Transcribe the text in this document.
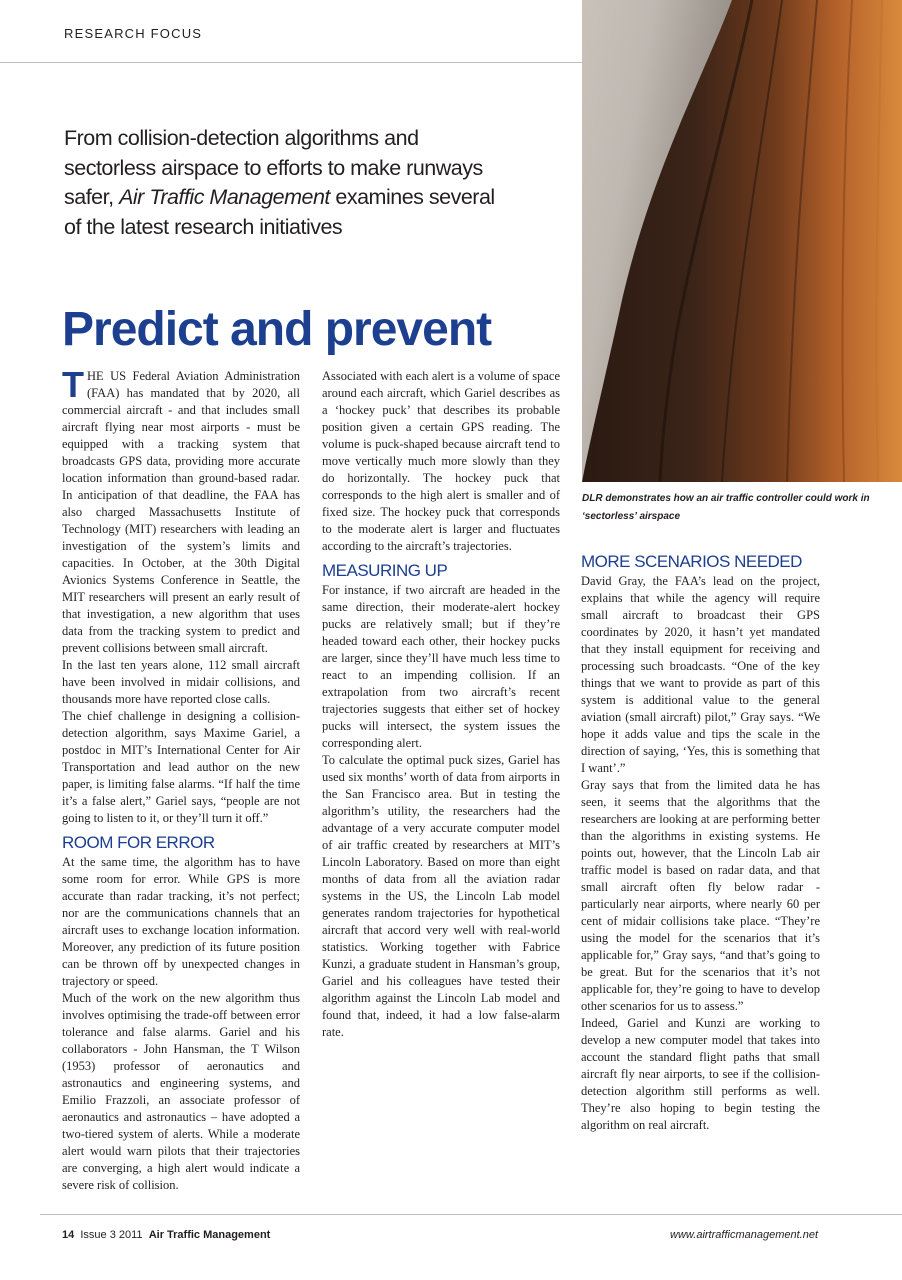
RESEARCH FOCUS
DLR demonstrates how an air traffic controller could work in ‘sectorless’ airspace
From collision-detection algorithms and sectorless airspace to efforts to make runways safer, Air Traffic Management examines several of the latest research initiatives
Predict and prevent

THE US Federal Aviation Administration (FAA) has mandated that by 2020, all commercial aircraft - and that includes small aircraft flying near most airports - must be equipped with a tracking system that broadcasts GPS data, providing more accurate location information than ground-based radar. In anticipation of that deadline, the FAA has also charged Massachusetts Institute of Technology (MIT) researchers with leading an investigation of the system’s limits and capacities. In October, at the 30th Digital Avionics Systems Conference in Seattle, the MIT researchers will present an early result of that investigation, a new algorithm that uses data from the tracking system to predict and prevent collisions between small aircraft.

In the last ten years alone, 112 small aircraft have been involved in midair collisions, and thousands more have reported close calls.

The chief challenge in designing a collision-detection algorithm, says Maxime Gariel, a postdoc in MIT’s International Center for Air Transportation and lead author on the new paper, is limiting false alarms. “If half the time it’s a false alert,” Gariel says, “people are not going to listen to it, or they’ll turn it off.”

ROOM FOR ERROR

At the same time, the algorithm has to have some room for error. While GPS is more accurate than radar tracking, it’s not perfect; nor are the communications channels that an aircraft uses to exchange location information. Moreover, any prediction of its future position can be thrown off by unexpected changes in trajectory or speed.

Much of the work on the new algorithm thus involves optimising the trade-off between error tolerance and false alarms. Gariel and his collaborators - John Hansman, the T Wilson (1953) professor of aeronautics and astronautics and engineering systems, and Emilio Frazzoli, an associate professor of aeronautics and astronautics – have adopted a two-tiered system of alerts. While a moderate alert would warn pilots that their trajectories are converging, a high alert would indicate a severe risk of collision.

Associated with each alert is a volume of space around each aircraft, which Gariel describes as a ‘hockey puck’ that describes its probable position given a certain GPS reading. The volume is puck-shaped because aircraft tend to move vertically much more slowly than they do horizontally. The hockey puck that corresponds to the high alert is smaller and of fixed size. The hockey puck that corresponds to the moderate alert is larger and fluctuates according to the aircraft’s trajectories.

MEASURING UP

For instance, if two aircraft are headed in the same direction, their moderate-alert hockey pucks are relatively small; but if they’re headed toward each other, their hockey pucks are larger, since they’ll have much less time to react to an impending collision. If an extrapolation from two aircraft’s recent trajectories suggests that either set of hockey pucks will intersect, the system issues the corresponding alert.

To calculate the optimal puck sizes, Gariel has used six months’ worth of data from airports in the San Francisco area. But in testing the algorithm’s utility, the researchers had the advantage of a very accurate computer model of air traffic created by researchers at MIT’s Lincoln Laboratory. Based on more than eight months of data from all the aviation radar systems in the US, the Lincoln Lab model generates random trajectories for hypothetical aircraft that accord very well with real-world statistics. Working together with Fabrice Kunzi, a graduate student in Hansman’s group, Gariel and his colleagues have tested their algorithm against the Lincoln Lab model and found that, indeed, it had a low false-alarm rate.

MORE SCENARIOS NEEDED

David Gray, the FAA’s lead on the project, explains that while the agency will require small aircraft to broadcast their GPS coordinates by 2020, it hasn’t yet mandated that they install equipment for receiving and processing such broadcasts. “One of the key things that we want to provide as part of this system is additional value to the general aviation (small aircraft) pilot,” Gray says. “We hope it adds value and tips the scale in the direction of saying, ‘Yes, this is something that I want’.”

Gray says that from the limited data he has seen, it seems that the algorithms that the researchers are looking at are performing better than the algorithms in existing systems. He points out, however, that the Lincoln Lab air traffic model is based on radar data, and that small aircraft often fly below radar - particularly near airports, where nearly 60 per cent of midair collisions take place. “They’re using the model for the scenarios that it’s applicable for,” Gray says, “and that’s going to be great. But for the scenarios that it’s not applicable for, they’re going to have to develop other scenarios for us to assess.”

Indeed, Gariel and Kunzi are working to develop a new computer model that takes into account the standard flight paths that small aircraft fly near airports, to see if the collision-detection algorithm still performs as well. They’re also hoping to begin testing the algorithm on real aircraft.

14 Issue 3 2011 Air Traffic Management	www.airtrafficmanagement.net
